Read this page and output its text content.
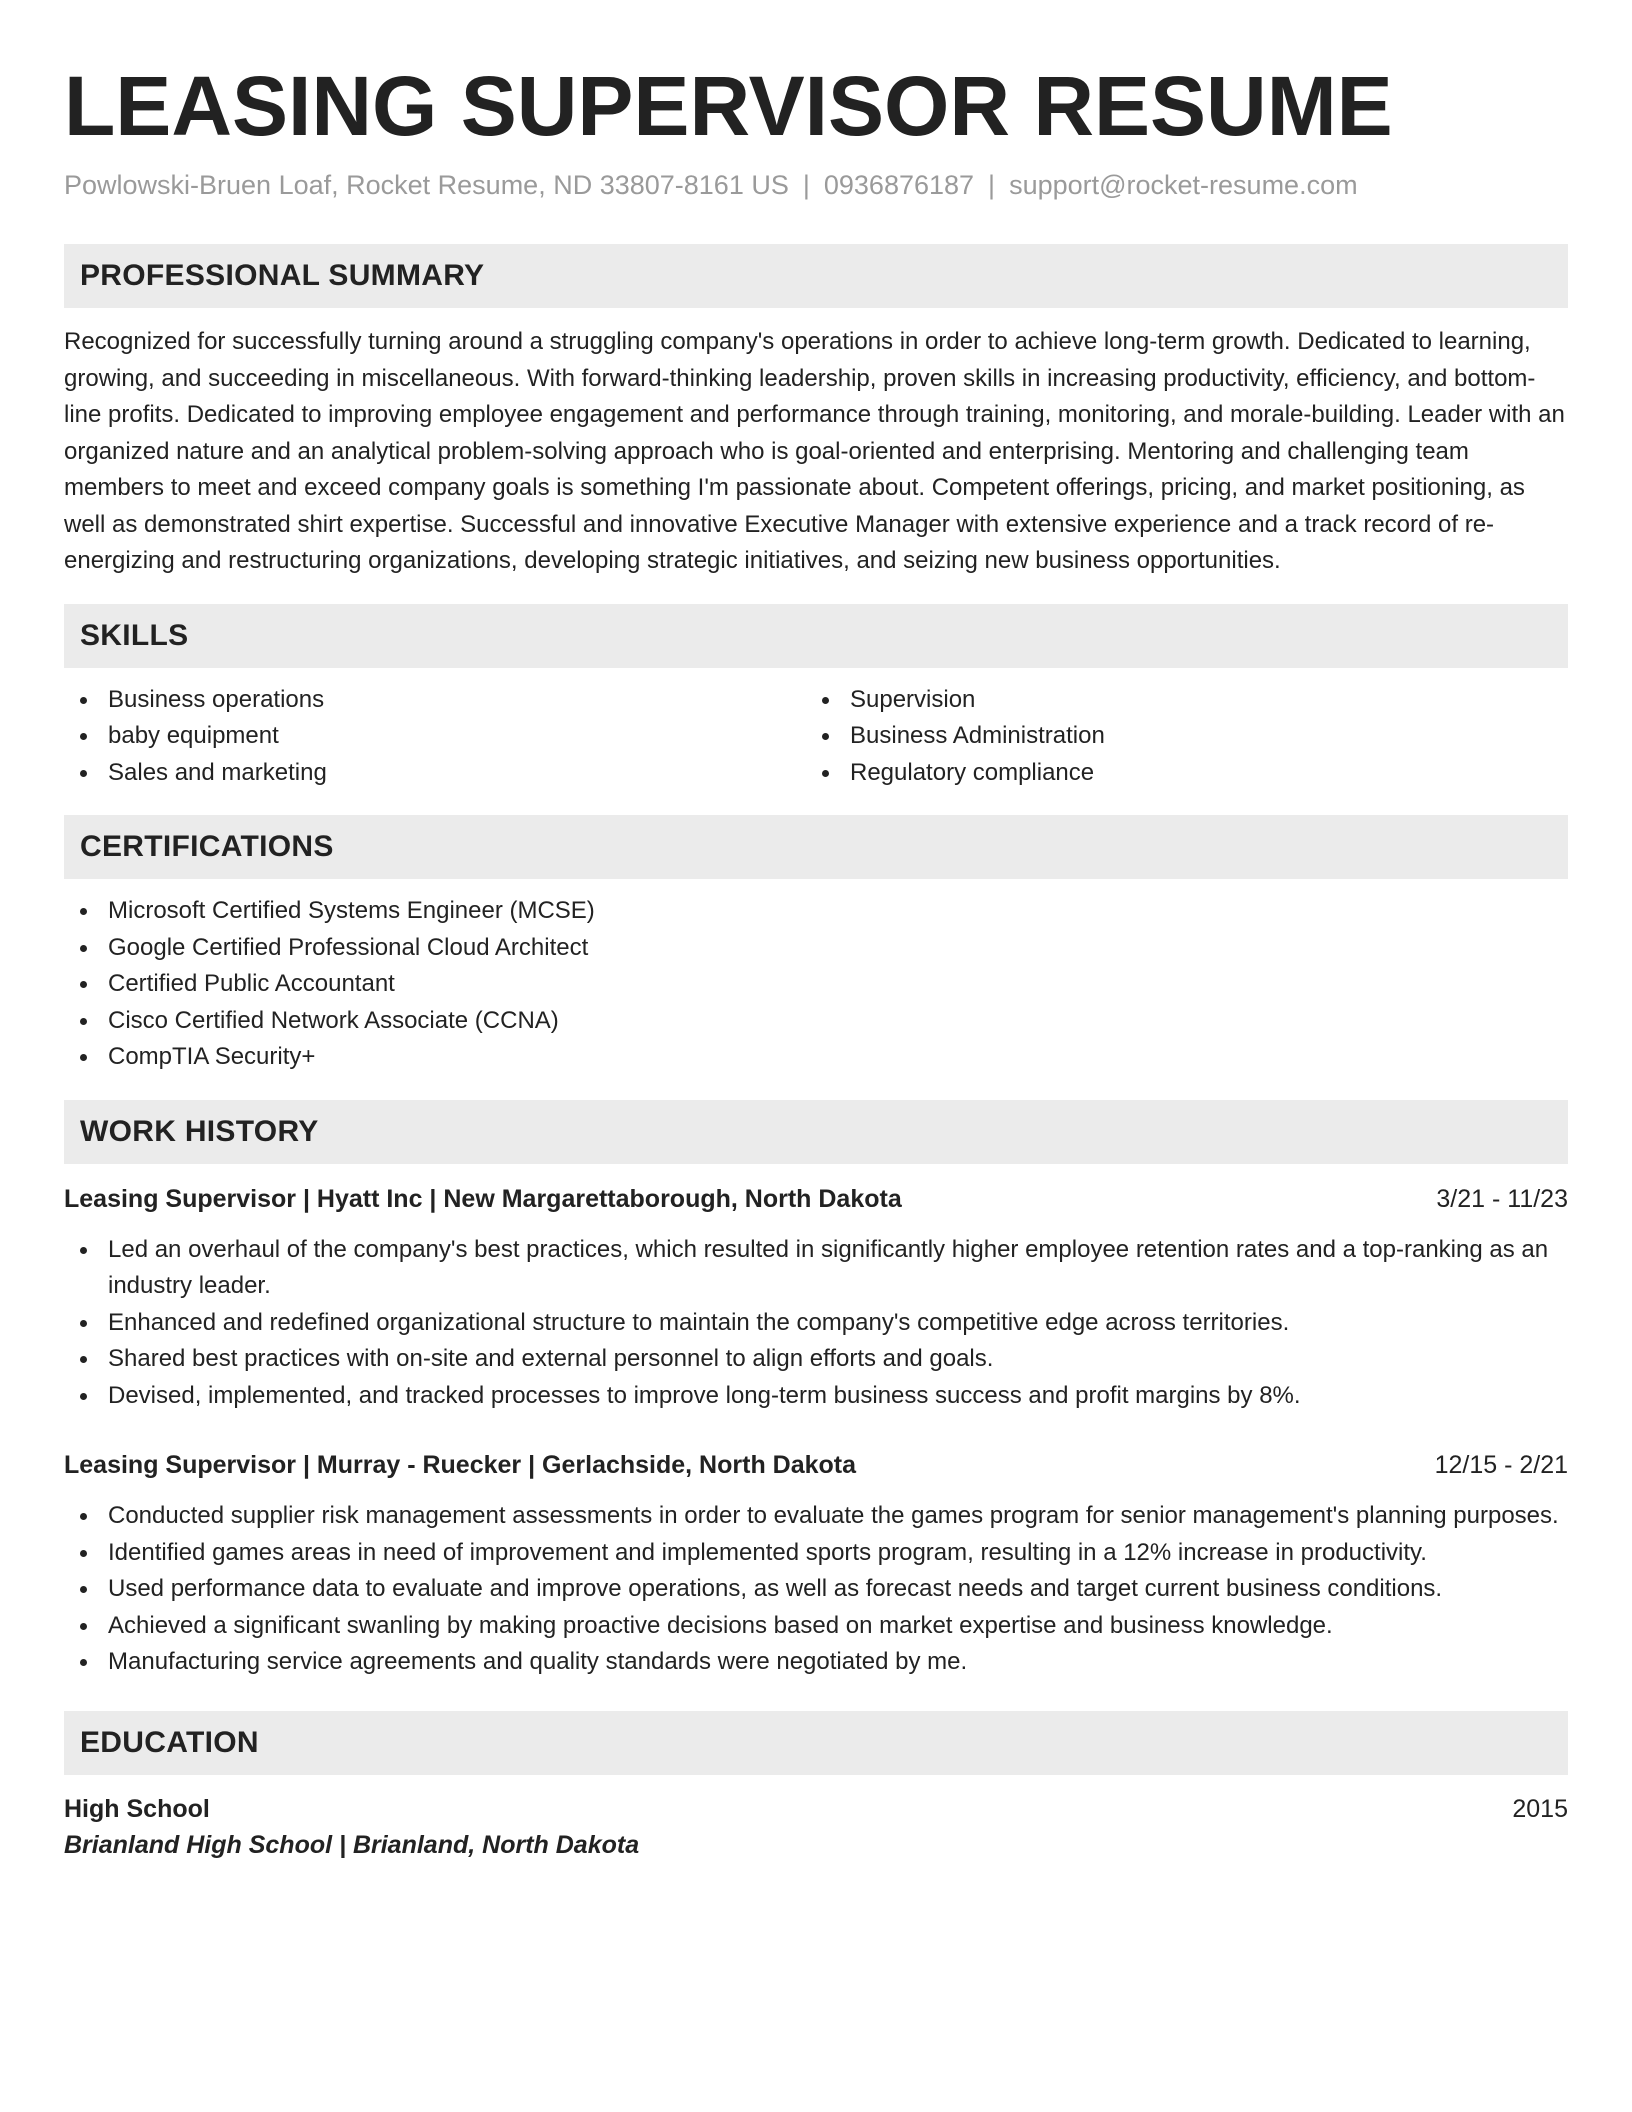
LEASING SUPERVISOR RESUME
Powlowski-Bruen Loaf, Rocket Resume, ND 33807-8161 US | 0936876187 | support@rocket-resume.com
PROFESSIONAL SUMMARY

Recognized for successfully turning around a struggling company's operations in order to achieve long-term growth. Dedicated to learning, growing, and succeeding in miscellaneous. With forward-thinking leadership, proven skills in increasing productivity, efficiency, and bottom-line profits. Dedicated to improving employee engagement and performance through training, monitoring, and morale-building. Leader with an organized nature and an analytical problem-solving approach who is goal-oriented and enterprising. Mentoring and challenging team members to meet and exceed company goals is something I'm passionate about. Competent offerings, pricing, and market positioning, as well as demonstrated shirt expertise. Successful and innovative Executive Manager with extensive experience and a track record of re-energizing and restructuring organizations, developing strategic initiatives, and seizing new business opportunities.

SKILLS
Business operations
baby equipment
Sales and marketing
Supervision
Business Administration
Regulatory compliance
CERTIFICATIONS
Microsoft Certified Systems Engineer (MCSE)
Google Certified Professional Cloud Architect
Certified Public Accountant
Cisco Certified Network Associate (CCNA)
CompTIA Security+
WORK HISTORY
Leasing Supervisor | Hyatt Inc | New Margarettaborough, North Dakota	3/21 - 11/23
Led an overhaul of the company's best practices, which resulted in significantly higher employee retention rates and a top-ranking as an industry leader.
Enhanced and redefined organizational structure to maintain the company's competitive edge across territories.
Shared best practices with on-site and external personnel to align efforts and goals.
Devised, implemented, and tracked processes to improve long-term business success and profit margins by 8%.
Leasing Supervisor | Murray - Ruecker | Gerlachside, North Dakota	12/15 - 2/21
Conducted supplier risk management assessments in order to evaluate the games program for senior management's planning purposes.
Identified games areas in need of improvement and implemented sports program, resulting in a 12% increase in productivity.
Used performance data to evaluate and improve operations, as well as forecast needs and target current business conditions.
Achieved a significant swanling by making proactive decisions based on market expertise and business knowledge.
Manufacturing service agreements and quality standards were negotiated by me.
EDUCATION
High School	2015
Brianland High School | Brianland, North Dakota
